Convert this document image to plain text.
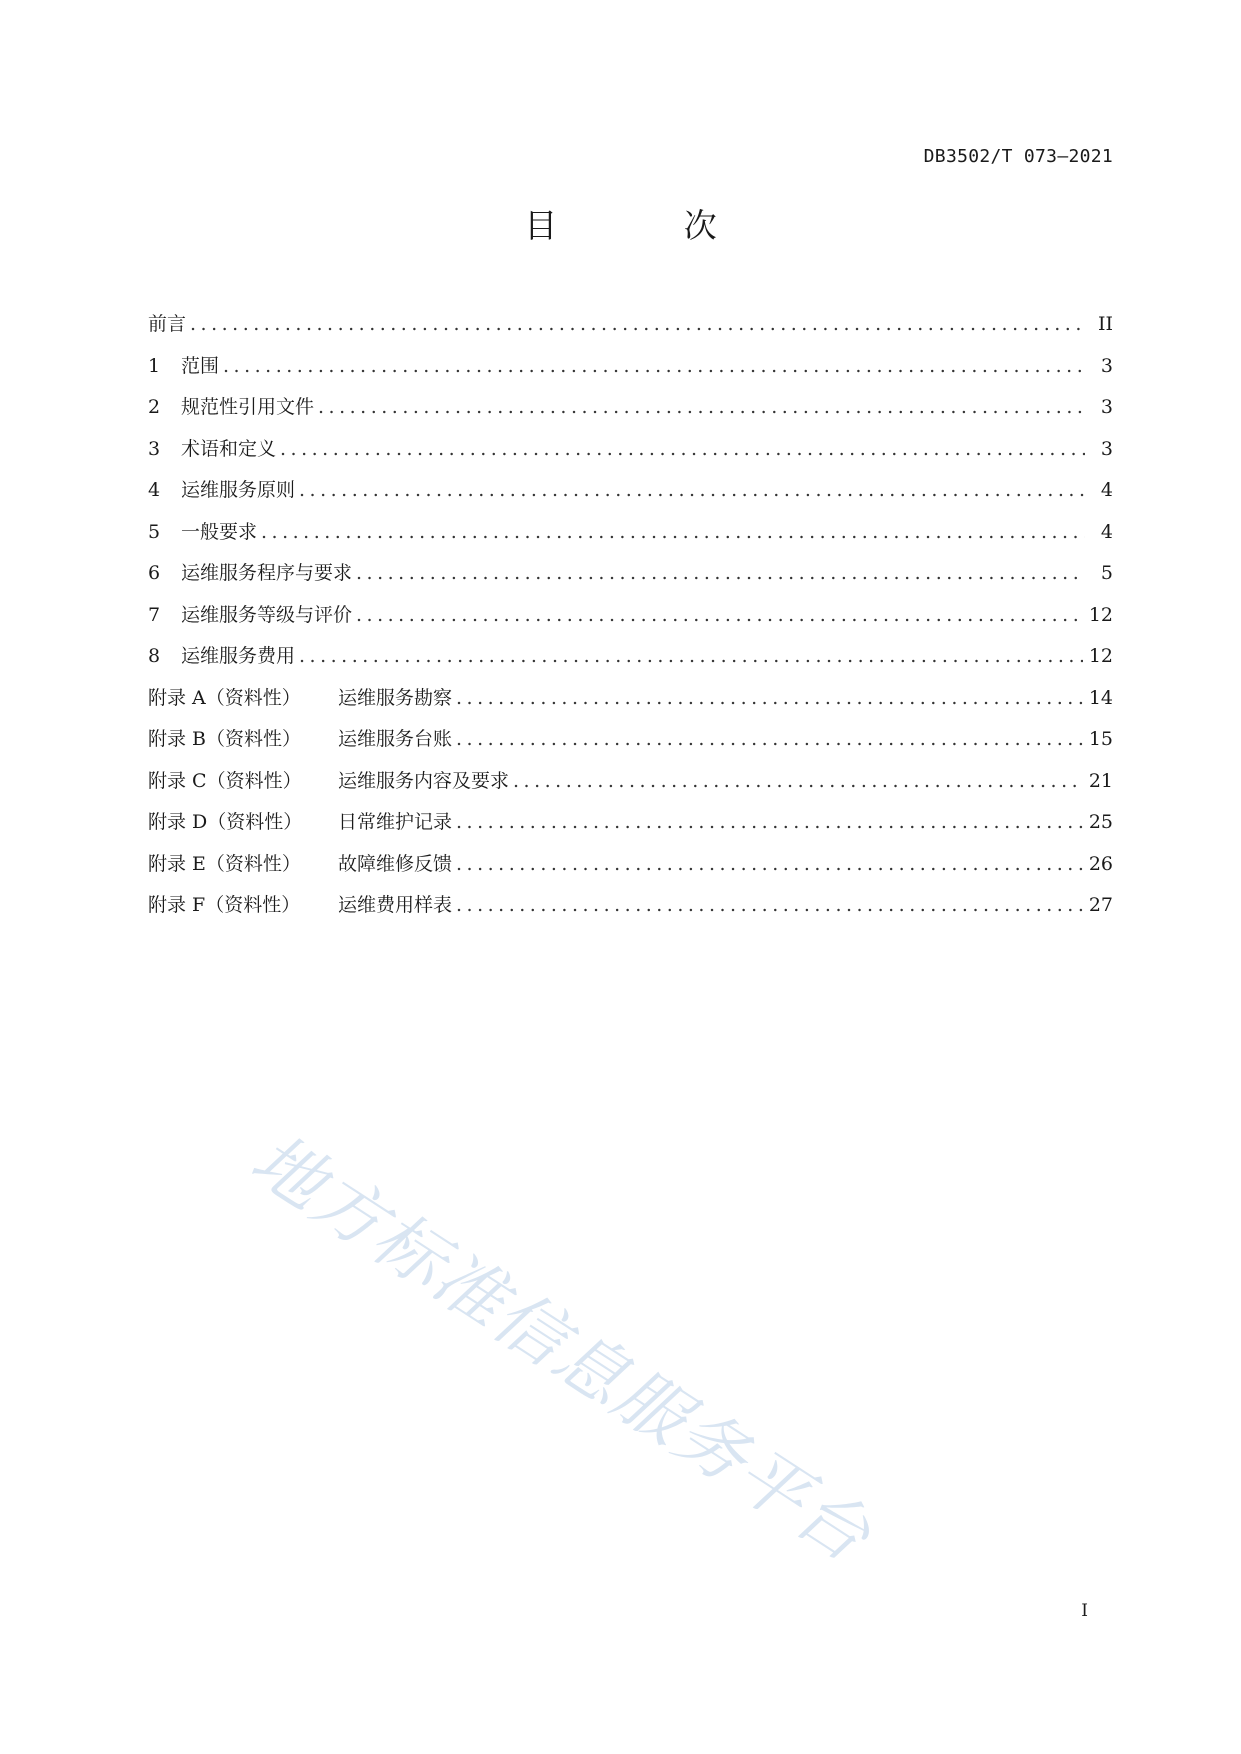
DB3502/T 073—2021
目 次
前言 .....	II
1	范围 .....	3
2	规范性引用文件 .....	3
3	术语和定义 .....	3
4	运维服务原则 .....	4
5	一般要求 .....	4
6	运维服务程序与要求 .....	5
7	运维服务等级与评价 .....	12
8	运维服务费用 .....	12
附录 A（资料性）	运维服务勘察 .....	14
附录 B（资料性）	运维服务台账 .....	15
附录 C（资料性）	运维服务内容及要求 .....	21
附录 D（资料性）	日常维护记录 .....	25
附录 E（资料性）	故障维修反馈 .....	26
附录 F（资料性）	运维费用样表 .....	27
地方标准信息服务平台
I
